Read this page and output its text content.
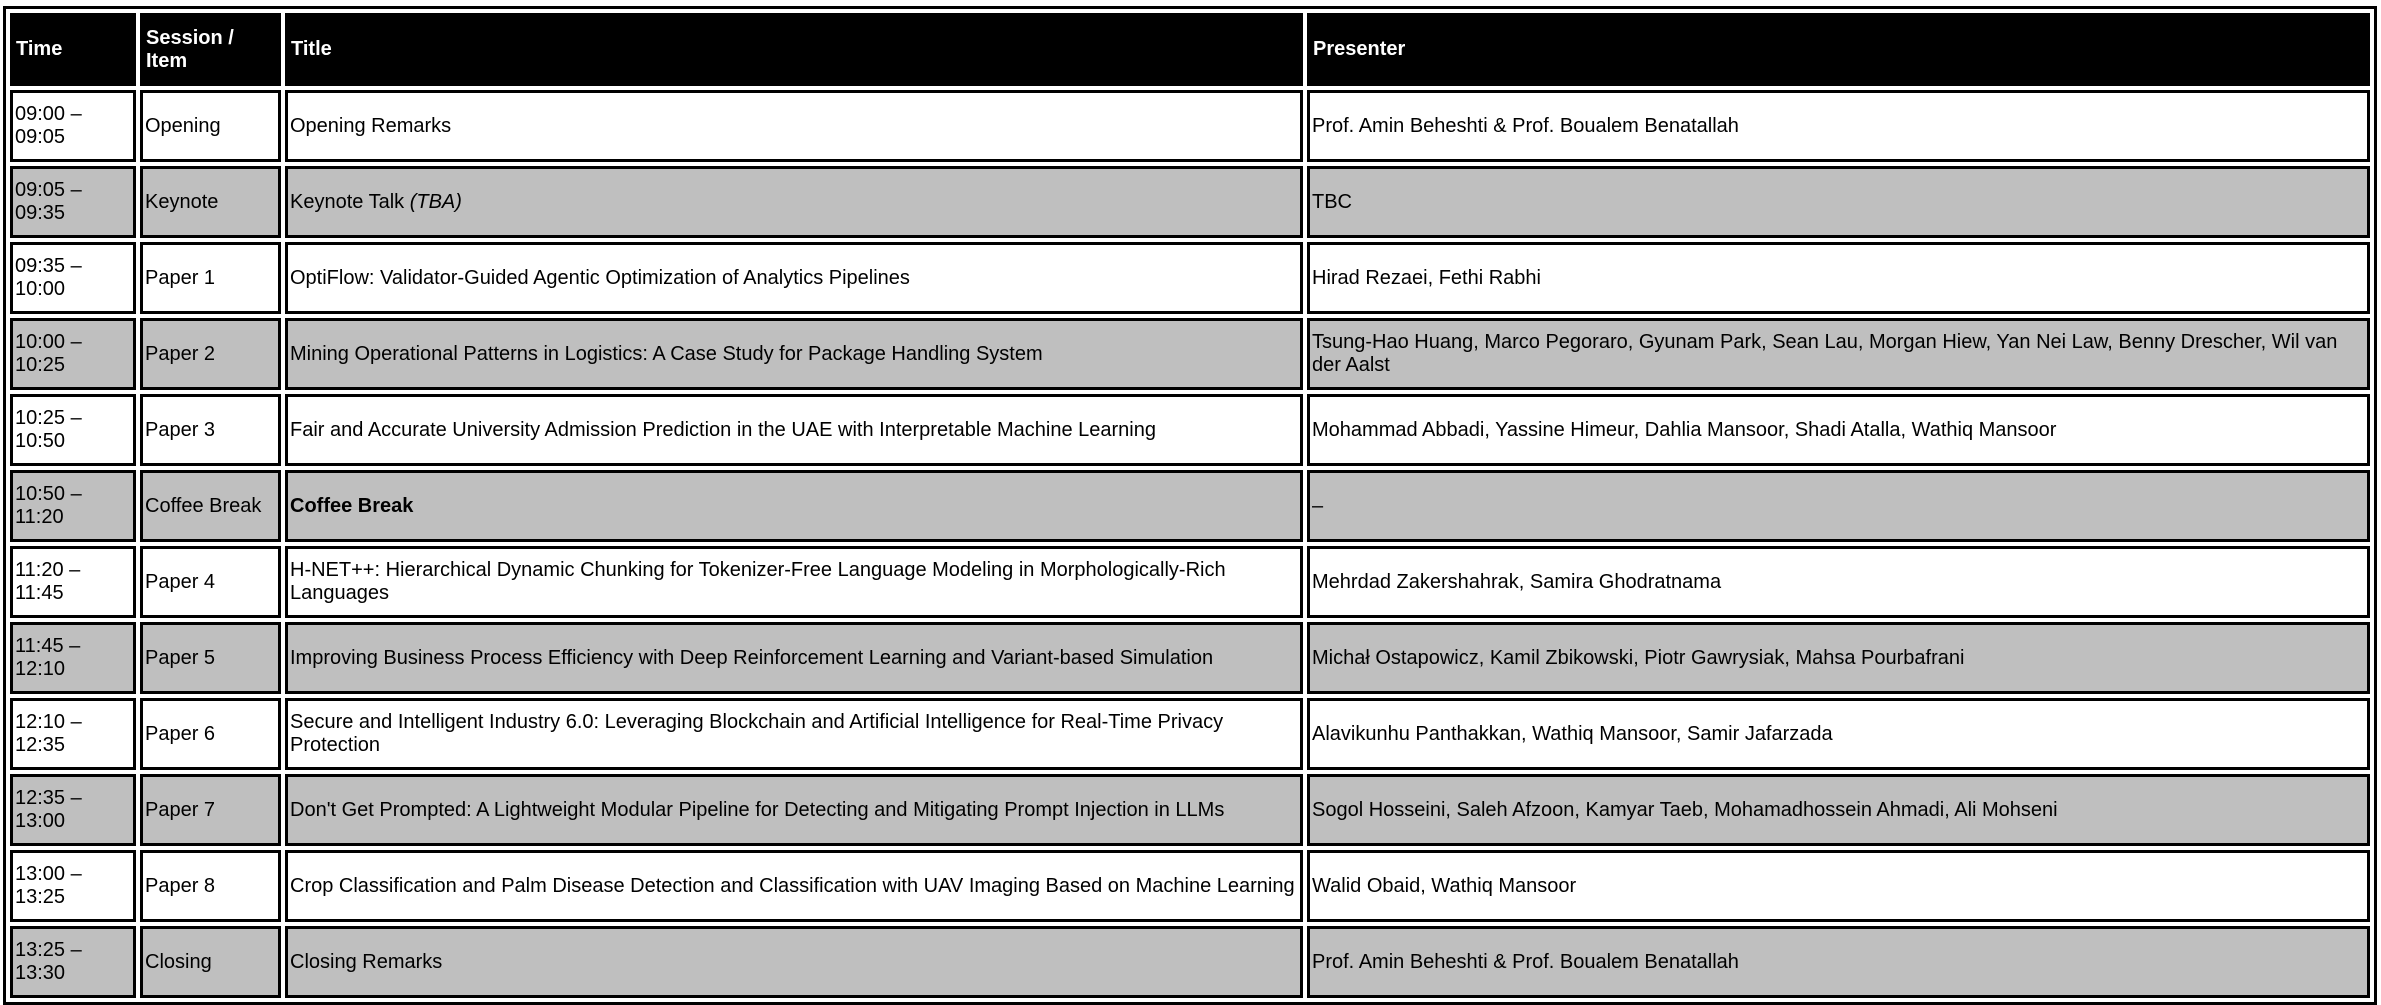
Time	Session / Item	Title	Presenter
09:00 – 09:05	Opening	Opening Remarks	Prof. Amin Beheshti & Prof. Boualem Benatallah
09:05 – 09:35	Keynote	Keynote Talk (TBA)	TBC
09:35 – 10:00	Paper 1	OptiFlow: Validator-Guided Agentic Optimization of Analytics Pipelines	Hirad Rezaei, Fethi Rabhi
10:00 – 10:25	Paper 2	Mining Operational Patterns in Logistics: A Case Study for Package Handling System	Tsung-Hao Huang, Marco Pegoraro, Gyunam Park, Sean Lau, Morgan Hiew, Yan Nei Law, Benny Drescher, Wil van der Aalst
10:25 – 10:50	Paper 3	Fair and Accurate University Admission Prediction in the UAE with Interpretable Machine Learning	Mohammad Abbadi, Yassine Himeur, Dahlia Mansoor, Shadi Atalla, Wathiq Mansoor
10:50 – 11:20	Coffee Break	Coffee Break	–
11:20 – 11:45	Paper 4	H-NET++: Hierarchical Dynamic Chunking for Tokenizer-Free Language Modeling in Morphologically-Rich Languages	Mehrdad Zakershahrak, Samira Ghodratnama
11:45 – 12:10	Paper 5	Improving Business Process Efficiency with Deep Reinforcement Learning and Variant-based Simulation	Michał Ostapowicz, Kamil Zbikowski, Piotr Gawrysiak, Mahsa Pourbafrani
12:10 – 12:35	Paper 6	Secure and Intelligent Industry 6.0: Leveraging Blockchain and Artificial Intelligence for Real-Time Privacy Protection	Alavikunhu Panthakkan, Wathiq Mansoor, Samir Jafarzada
12:35 – 13:00	Paper 7	Don't Get Prompted: A Lightweight Modular Pipeline for Detecting and Mitigating Prompt Injection in LLMs	Sogol Hosseini, Saleh Afzoon, Kamyar Taeb, Mohamadhossein Ahmadi, Ali Mohseni
13:00 – 13:25	Paper 8	Crop Classification and Palm Disease Detection and Classification with UAV Imaging Based on Machine Learning	Walid Obaid, Wathiq Mansoor
13:25 – 13:30	Closing	Closing Remarks	Prof. Amin Beheshti & Prof. Boualem Benatallah
